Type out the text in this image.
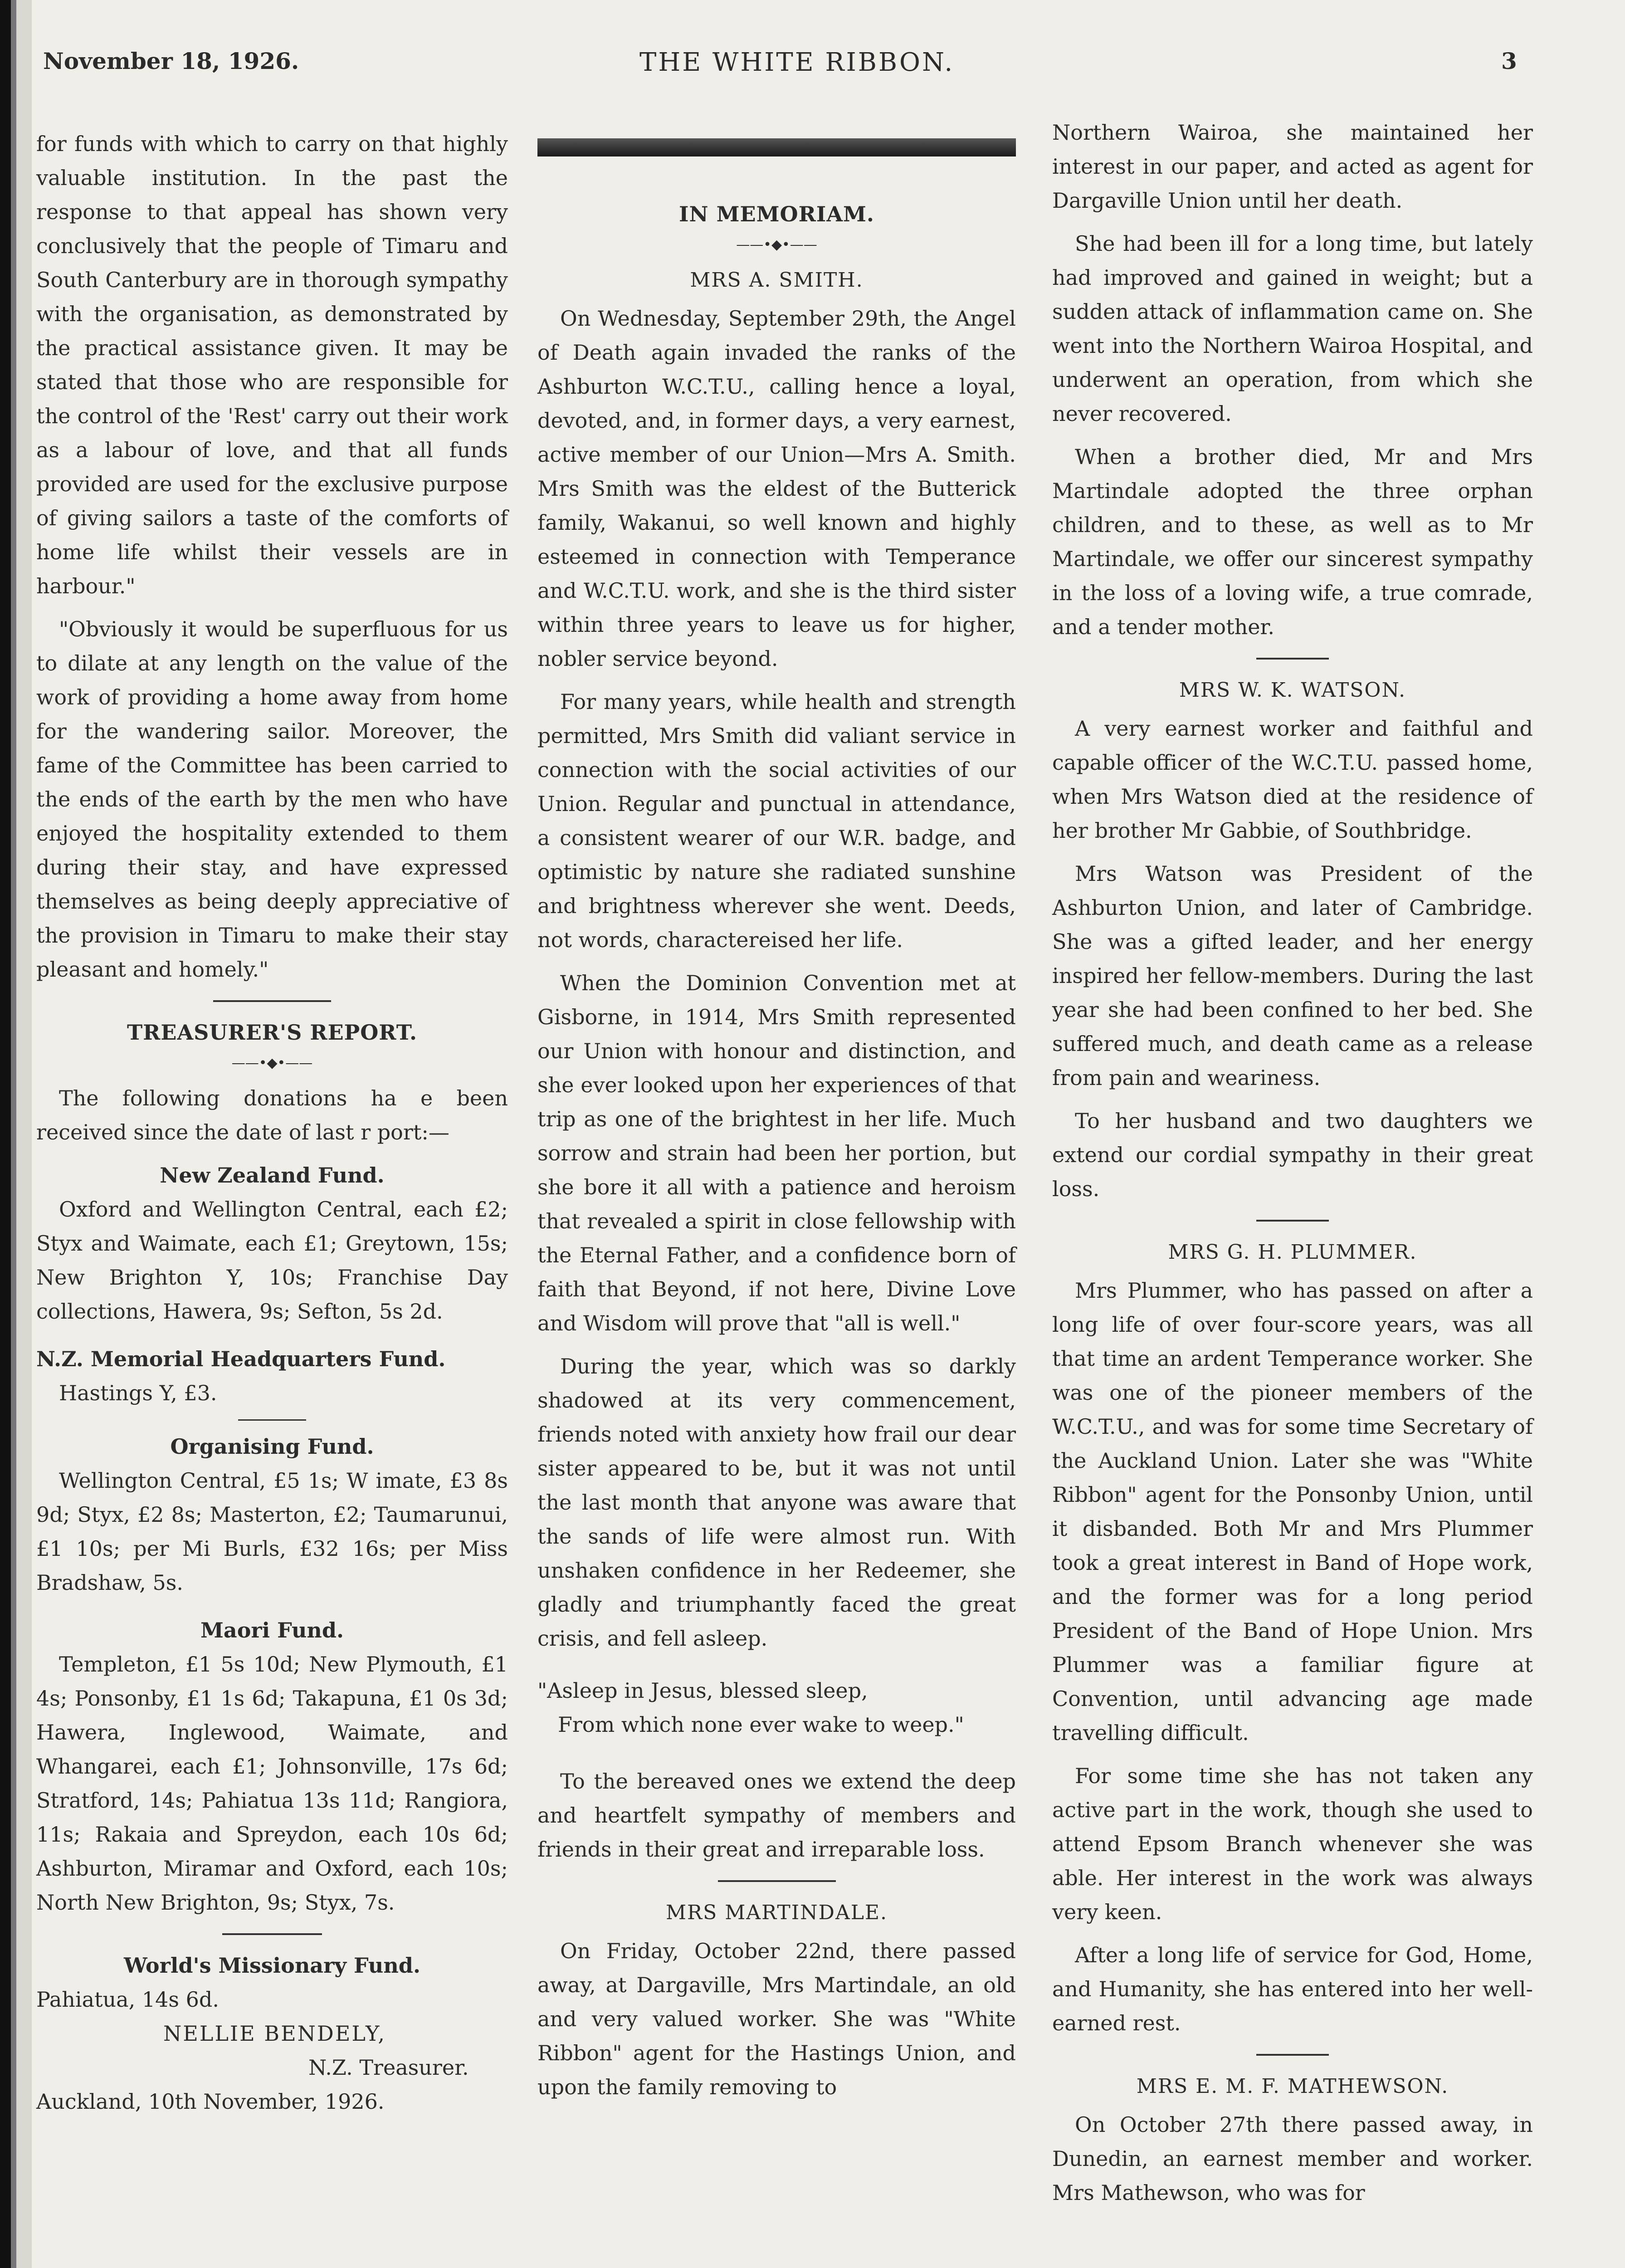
November 18, 1926.	THE WHITE RIBBON.	3

for funds with which to carry on that highly valuable institution. In the past the response to that appeal has shown very conclusively that the people of Timaru and South Canterbury are in thorough sympathy with the organisation, as demonstrated by the practical assistance given. It may be stated that those who are responsible for the control of the 'Rest' carry out their work as a labour of love, and that all funds provided are used for the exclusive purpose of giving sailors a taste of the comforts of home life whilst their vessels are in harbour."

"Obviously it would be superfluous for us to dilate at any length on the value of the work of providing a home away from home for the wandering sailor. Moreover, the fame of the Committee has been carried to the ends of the earth by the men who have enjoyed the hospitality extended to them during their stay, and have expressed themselves as being deeply appreciative of the provision in Timaru to make their stay pleasant and homely."

TREASURER'S REPORT.
——•◆•——

The following donations ha e been received since the date of last r port:—

New Zealand Fund.

Oxford and Wellington Central, each £2; Styx and Waimate, each £1; Greytown, 15s; New Brighton Y, 10s; Franchise Day collections, Hawera, 9s; Sefton, 5s 2d.

N.Z. Memorial Headquarters Fund.

Hastings Y, £3.

Organising Fund.

Wellington Central, £5 1s; W imate, £3 8s 9d; Styx, £2 8s; Masterton, £2; Taumarunui, £1 10s; per Mi Burls, £32 16s; per Miss Bradshaw, 5s.

Maori Fund.

Templeton, £1 5s 10d; New Plymouth, £1 4s; Ponsonby, £1 1s 6d; Takapuna, £1 0s 3d; Hawera, Inglewood, Waimate, and Whangarei, each £1; Johnsonville, 17s 6d; Stratford, 14s; Pahiatua 13s 11d; Rangiora, 11s; Rakaia and Spreydon, each 10s 6d; Ashburton, Miramar and Oxford, each 10s; North New Brighton, 9s; Styx, 7s.

World's Missionary Fund.
Pahiatua, 14s 6d.
NELLIE BENDELY,
N.Z. Treasurer.
Auckland, 10th November, 1926.
IN MEMORIAM.
——•◆•——
MRS A. SMITH.

On Wednesday, September 29th, the Angel of Death again invaded the ranks of the Ashburton W.C.T.U., calling hence a loyal, devoted, and, in former days, a very earnest, active member of our Union—Mrs A. Smith. Mrs Smith was the eldest of the Butterick family, Wakanui, so well known and highly esteemed in connection with Temperance and W.C.T.U. work, and she is the third sister within three years to leave us for higher, nobler service beyond.

For many years, while health and strength permitted, Mrs Smith did valiant service in connection with the social activities of our Union. Regular and punctual in attendance, a consistent wearer of our W.R. badge, and optimistic by nature she radiated sunshine and brightness wherever she went. Deeds, not words, charactereised her life.

When the Dominion Convention met at Gisborne, in 1914, Mrs Smith represented our Union with honour and distinction, and she ever looked upon her experiences of that trip as one of the brightest in her life. Much sorrow and strain had been her portion, but she bore it all with a patience and heroism that revealed a spirit in close fellowship with the Eternal Father, and a confidence born of faith that Beyond, if not here, Divine Love and Wisdom will prove that "all is well."

During the year, which was so darkly shadowed at its very commencement, friends noted with anxiety how frail our dear sister appeared to be, but it was not until the last month that anyone was aware that the sands of life were almost run. With unshaken confidence in her Redeemer, she gladly and triumphantly faced the great crisis, and fell asleep.

"Asleep in Jesus, blessed sleep,
From which none ever wake to weep."

To the bereaved ones we extend the deep and heartfelt sympathy of members and friends in their great and irreparable loss.

MRS MARTINDALE.

On Friday, October 22nd, there passed away, at Dargaville, Mrs Martindale, an old and very valued worker. She was "White Ribbon" agent for the Hastings Union, and upon the family removing to

Northern Wairoa, she maintained her interest in our paper, and acted as agent for Dargaville Union until her death.

She had been ill for a long time, but lately had improved and gained in weight; but a sudden attack of inflammation came on. She went into the Northern Wairoa Hospital, and underwent an operation, from which she never recovered.

When a brother died, Mr and Mrs Martindale adopted the three orphan children, and to these, as well as to Mr Martindale, we offer our sincerest sympathy in the loss of a loving wife, a true comrade, and a tender mother.

MRS W. K. WATSON.

A very earnest worker and faithful and capable officer of the W.C.T.U. passed home, when Mrs Watson died at the residence of her brother Mr Gabbie, of Southbridge.

Mrs Watson was President of the Ashburton Union, and later of Cambridge. She was a gifted leader, and her energy inspired her fellow-members. During the last year she had been confined to her bed. She suffered much, and death came as a release from pain and weariness.

To her husband and two daughters we extend our cordial sympathy in their great loss.

MRS G. H. PLUMMER.

Mrs Plummer, who has passed on after a long life of over four-score years, was all that time an ardent Temperance worker. She was one of the pioneer members of the W.C.T.U., and was for some time Secretary of the Auckland Union. Later she was "White Ribbon" agent for the Ponsonby Union, until it disbanded. Both Mr and Mrs Plummer took a great interest in Band of Hope work, and the former was for a long period President of the Band of Hope Union. Mrs Plummer was a familiar figure at Convention, until advancing age made travelling difficult.

For some time she has not taken any active part in the work, though she used to attend Epsom Branch whenever she was able. Her interest in the work was always very keen.

After a long life of service for God, Home, and Humanity, she has entered into her well-earned rest.

MRS E. M. F. MATHEWSON.

On October 27th there passed away, in Dunedin, an earnest member and worker. Mrs Mathewson, who was for
